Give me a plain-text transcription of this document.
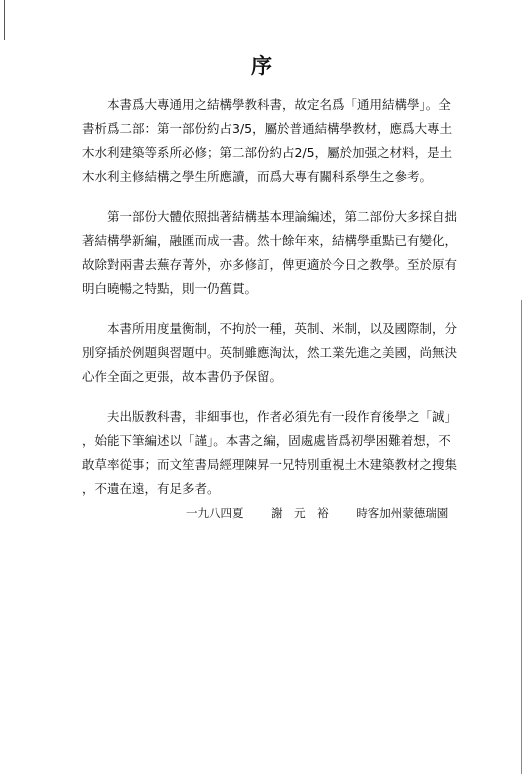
序

本書爲大專通用之結構學教科書，故定名爲「通用結構學」。全
書析爲二部：第一部份約占3/5，屬於普通結構學教材，應爲大專土
木水利建築等系所必修；第二部份約占2/5，屬於加强之材料，是土
木水利主修結構之學生所應讀，而爲大專有關科系學生之參考。

第一部份大體依照拙著結構基本理論編述，第二部份大多採自拙
著結構學新編，融匯而成一書。然十餘年來，結構學重點已有變化，
故除對兩書去蕪存菁外，亦多修訂，俾更適於今日之教學。至於原有
明白曉暢之特點，則一仍舊貫。

本書所用度量衡制，不拘於一種，英制、米制，以及國際制，分
別穿插於例題與習題中。英制雖應淘汰，然工業先進之美國，尚無決
心作全面之更張，故本書仍予保留。

夫出版教科書，非細事也，作者必須先有一段作育後學之「誠」
，始能下筆編述以「謹」。本書之編，固處處皆爲初學困難着想，不
敢草率從事；而文笙書局經理陳昇一兄特別重視土木建築教材之搜集
，不遺在遠，有足多者。

一九八四夏 謝　元　裕 時客加州蒙德瑞園
